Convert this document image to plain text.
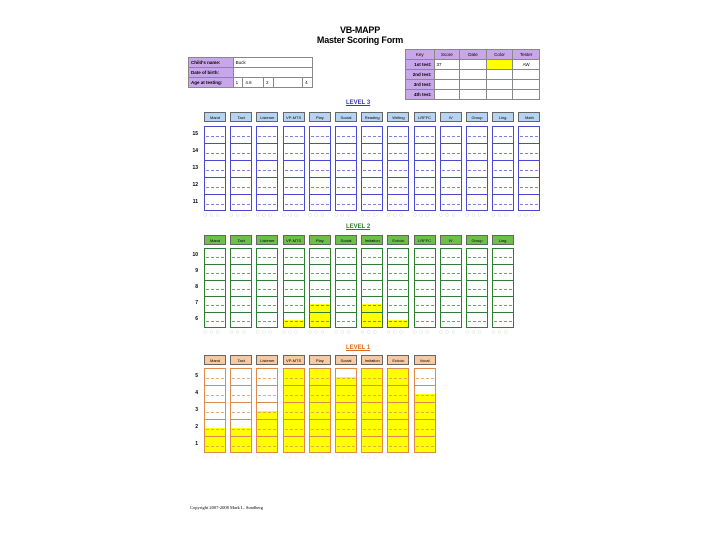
VB-MAPP
Master Scoring Form
Child's name:	Buck				
Date of birth:					
Age at testing:	1	4.6	2		4
Key	Score	Date	Color	Tester
1st test:	37			AW
2nd test:				
3rd test:				
4th test:				
Mand
○○○
Tact
○○○
Listener
○○○
VP-MTS
○○○
Play
○○○
Social
○○○
Reading
○○○
Writing
○○○
LRFFC
○○○
IV
○○○
Group
○○○
Ling.
○○○
Math
○○○
15
14
13
12
11
Mand
○○○
Tact
○○○
Listener
○○○
VP-MTS
○○○
Play
○○○
Social
○○○
Imitation
○○○
Echoic
○○○
LRFFC
○○○
IV
○○○
Group
○○○
Ling.
○○○
10
9
8
7
6
Mand
○○○
Tact
○○○
Listener
○○○
VP-MTS
○○○
Play
○○○
Social
○○○
Imitation
○○○
Echoic
○○○
Vocal
○○○
5
4
3
2
1
LEVEL 3
LEVEL 2
LEVEL 1
Copyright 2007-2008 Mark L. Sundberg
